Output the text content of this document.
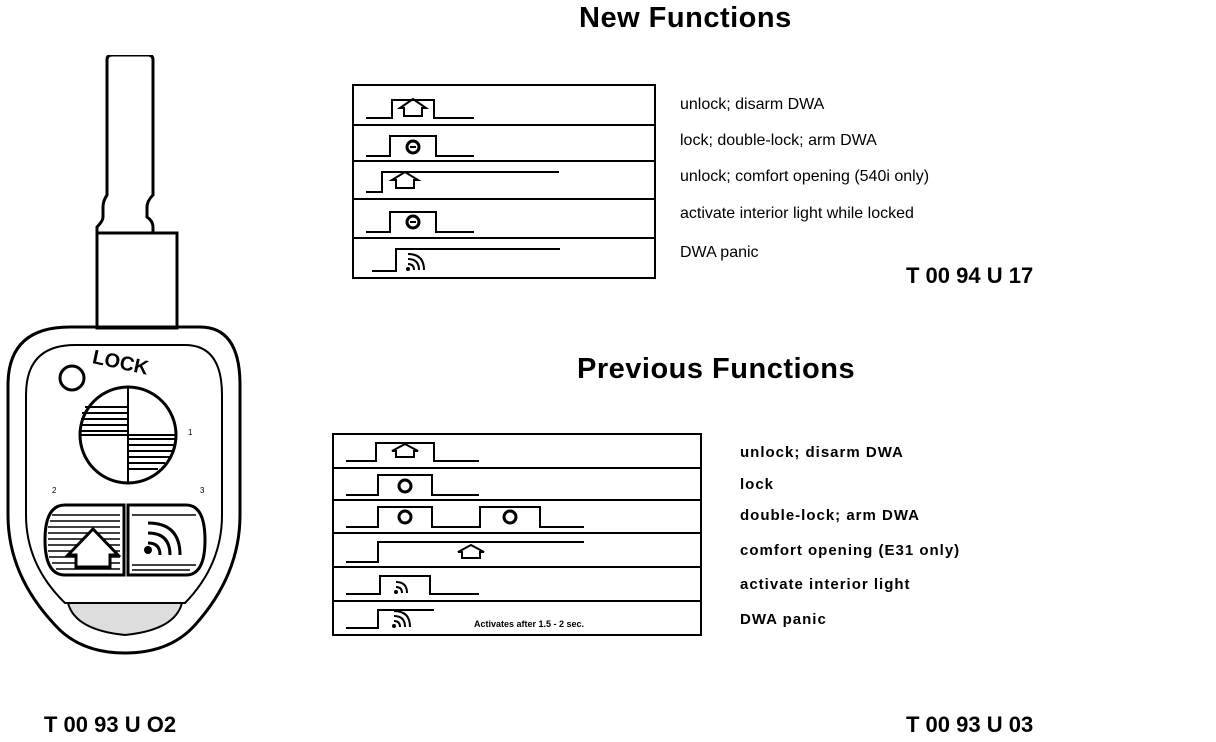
1
2	3
LOCK
T 00 93 U O2
New Functions
unlock; disarm DWA
lock; double-lock; arm DWA
unlock; comfort opening (540i only)
activate interior light while locked
DWA panic
T 00 94 U 17
Previous Functions
Activates after 1.5 - 2 sec.
unlock; disarm DWA
lock
double-lock; arm DWA
comfort opening (E31 only)
activate interior light
DWA panic
T 00 93 U 03
